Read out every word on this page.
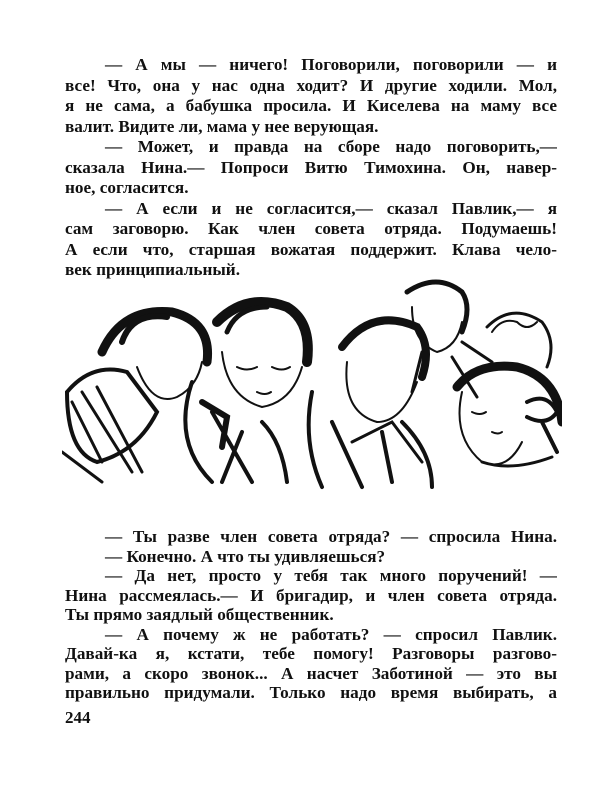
— А мы — ничего! Поговорили, поговорили — и
все! Что, она у нас одна ходит? И другие ходили. Мол,
я не сама, а бабушка просила. И Киселева на маму все
валит. Видите ли, мама у нее верующая.
— Может, и правда на сборе надо поговорить,—
сказала Нина.— Попроси Витю Тимохина. Он, навер-
ное, согласится.
— А если и не согласится,— сказал Павлик,— я
сам заговорю. Как член совета отряда. Подумаешь!
А если что, старшая вожатая поддержит. Клава чело-
век принципиальный.
— Ты разве член совета отряда? — спросила Нина.
— Конечно. А что ты удивляешься?
— Да нет, просто у тебя так много поручений! —
Нина рассмеялась.— И бригадир, и член совета отряда.
Ты прямо заядлый общественник.
— А почему ж не работать? — спросил Павлик.
Давай-ка я, кстати, тебе помогу! Разговоры разгово-
рами, а скоро звонок... А насчет Заботиной — это вы
правильно придумали. Только надо время выбирать, а
244
